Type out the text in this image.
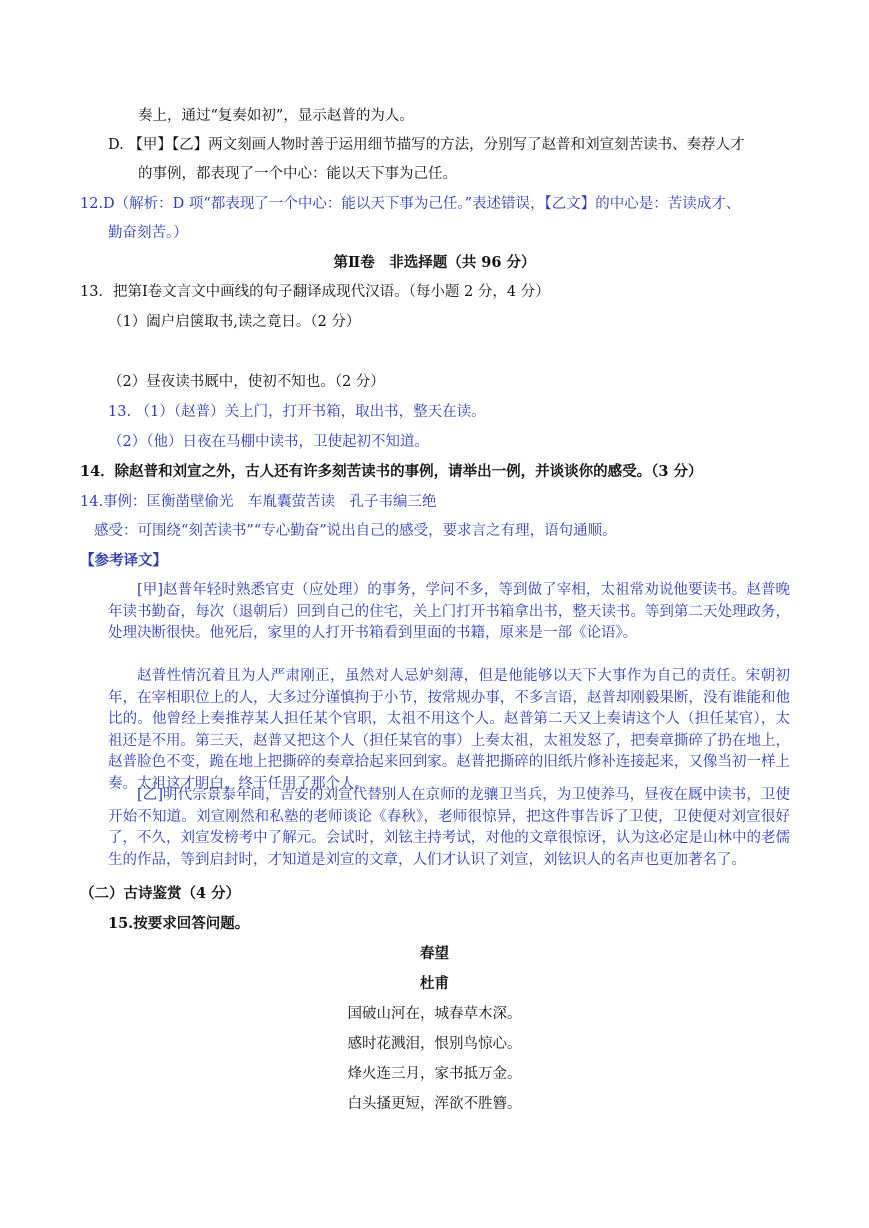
奏上，通过“复奏如初”，显示赵普的为人。
D. 【甲】【乙】两文刻画人物时善于运用细节描写的方法，分别写了赵普和刘宣刻苦读书、奏荐人才
的事例，都表现了一个中心：能以天下事为己任。
12.D（解析：D 项“都表现了一个中心：能以天下事为己任。”表述错误，【乙文】的中心是：苦读成才、
勤奋刻苦。）
第Ⅱ卷　非选择题（共 96 分）
13．把第Ⅰ卷文言文中画线的句子翻译成现代汉语。（每小题 2 分，4 分）
（1）阖户启箧取书,读之竟日。（2 分）
（2）昼夜读书厩中，使初不知也。（2 分）
13. （1）（赵普）关上门，打开书箱，取出书，整天在读。
（2）（他）日夜在马棚中读书，卫使起初不知道。
14．除赵普和刘宣之外，古人还有许多刻苦读书的事例，请举出一例，并谈谈你的感受。（3 分）
14.事例：匡衡凿壁偷光　车胤囊萤苦读　孔子韦编三绝
感受：可围绕“刻苦读书”“专心勤奋”说出自己的感受，要求言之有理，语句通顺。
【参考译文】
[甲]赵普年轻时熟悉官吏（应处理）的事务，学问不多，等到做了宰相，太祖常劝说他要读书。赵普晚年读书勤奋，每次（退朝后）回到自己的住宅，关上门打开书箱拿出书，整天读书。等到第二天处理政务，处理决断很快。他死后，家里的人打开书箱看到里面的书籍，原来是一部《论语》。
赵普性情沉着且为人严肃刚正，虽然对人忌妒刻薄，但是他能够以天下大事作为自己的责任。宋朝初年，在宰相职位上的人，大多过分谨慎拘于小节，按常规办事，不多言语，赵普却刚毅果断，没有谁能和他比的。他曾经上奏推荐某人担任某个官职，太祖不用这个人。赵普第二天又上奏请这个人（担任某官），太祖还是不用。第三天，赵普又把这个人（担任某官的事）上奏太祖，太祖发怒了，把奏章撕碎了扔在地上，赵普脸色不变，跪在地上把撕碎的奏章拾起来回到家。赵普把撕碎的旧纸片修补连接起来，又像当初一样上奏。太祖这才明白，终于任用了那个人。
[乙]明代宗景泰年间，吉安的刘宣代替别人在京师的龙骧卫当兵，为卫使养马，昼夜在厩中读书，卫使开始不知道。刘宣刚然和私塾的老师谈论《春秋》，老师很惊异，把这件事告诉了卫使，卫使便对刘宣很好了，不久，刘宣发榜考中了解元。会试时，刘铉主持考试，对他的文章很惊讶，认为这必定是山林中的老儒生的作品，等到启封时，才知道是刘宣的文章，人们才认识了刘宣，刘铉识人的名声也更加著名了。
（二）古诗鉴赏（4 分）
15.按要求回答问题。
春望
杜甫
国破山河在，城春草木深。
感时花溅泪，恨别鸟惊心。
烽火连三月，家书抵万金。
白头搔更短，浑欲不胜簪。
